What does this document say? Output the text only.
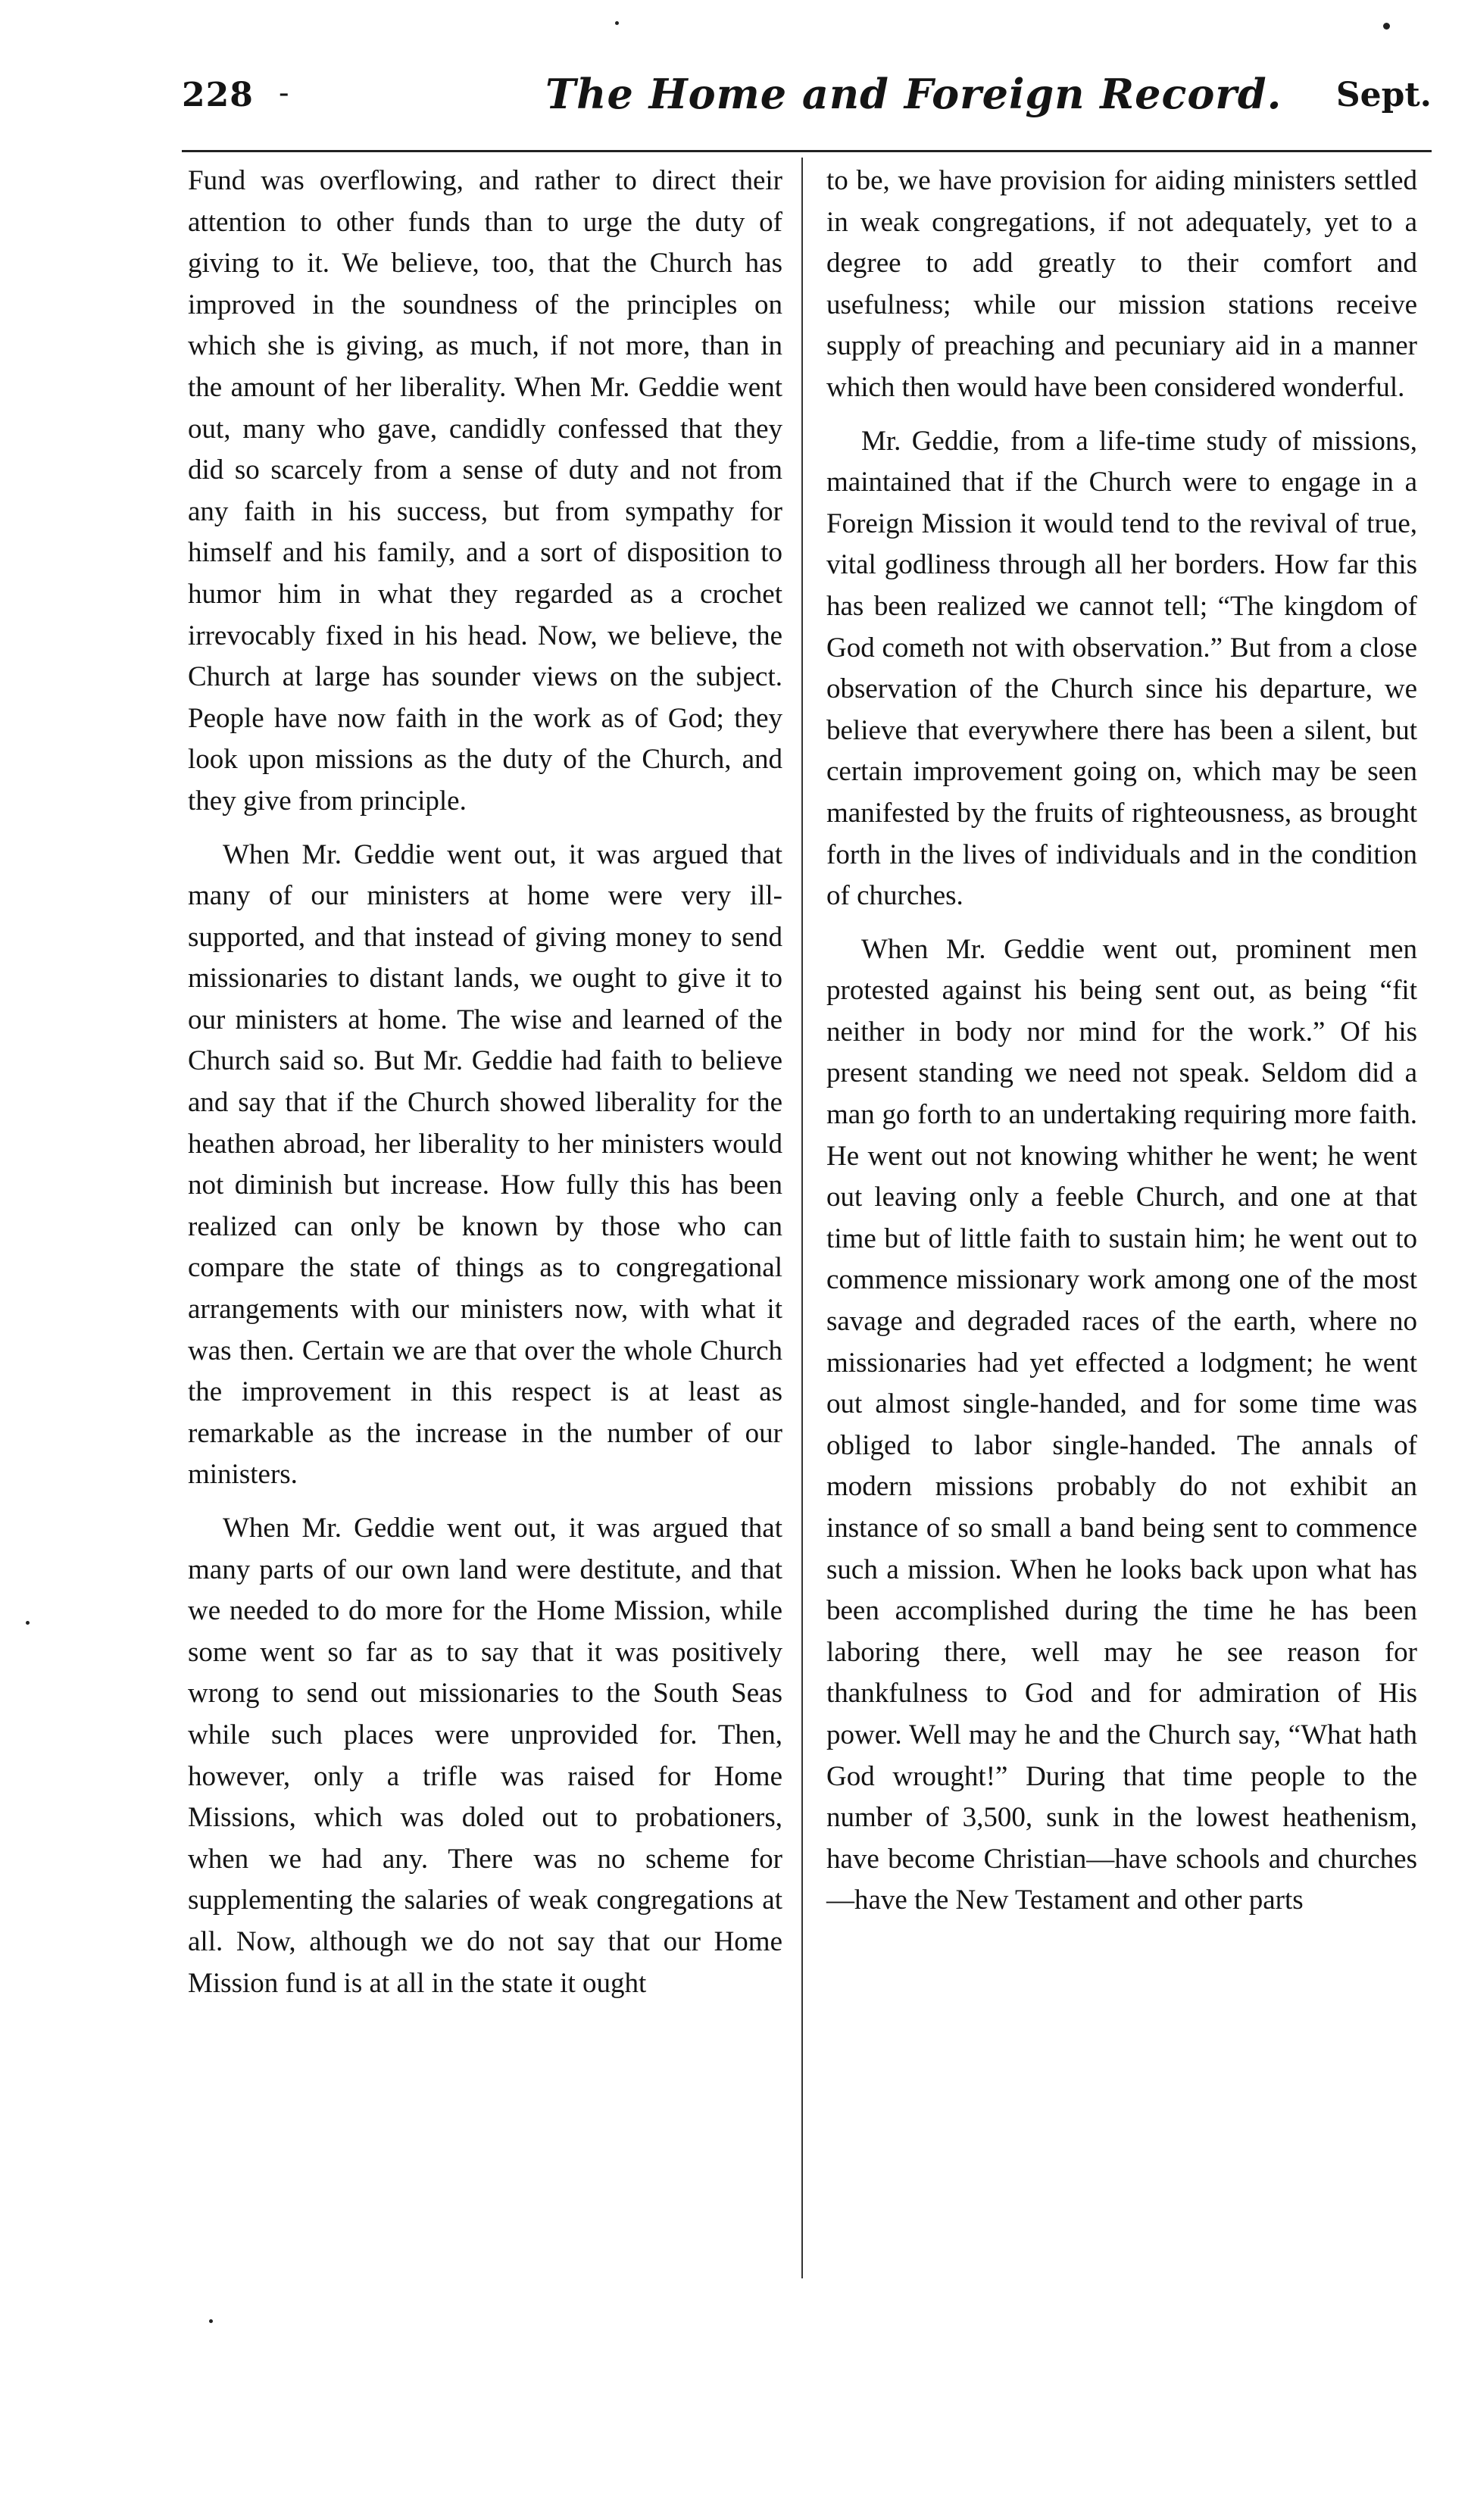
228 -	The Home and Foreign Record. Sept.

Fund was overflowing, and rather to direct their attention to other funds than to urge the duty of giving to it. We believe, too, that the Church has improved in the soundness of the principles on which she is giving, as much, if not more, than in the amount of her liberality. When Mr. Geddie went out, many who gave, candidly confessed that they did so scarcely from a sense of duty and not from any faith in his success, but from sympathy for himself and his family, and a sort of disposition to humor him in what they regarded as a crochet irrevocably fixed in his head. Now, we believe, the Church at large has sounder views on the subject. People have now faith in the work as of God; they look upon missions as the duty of the Church, and they give from principle.

When Mr. Geddie went out, it was argued that many of our ministers at home were very ill-supported, and that instead of giving money to send missionaries to distant lands, we ought to give it to our ministers at home. The wise and learned of the Church said so. But Mr. Geddie had faith to believe and say that if the Church showed liberality for the heathen abroad, her liberality to her ministers would not diminish but increase. How fully this has been realized can only be known by those who can compare the state of things as to congregational arrangements with our ministers now, with what it was then. Certain we are that over the whole Church the improvement in this respect is at least as remarkable as the increase in the number of our ministers.

When Mr. Geddie went out, it was argued that many parts of our own land were destitute, and that we needed to do more for the Home Mission, while some went so far as to say that it was positively wrong to send out missionaries to the South Seas while such places were unprovided for. Then, however, only a trifle was raised for Home Missions, which was doled out to probationers, when we had any. There was no scheme for supplementing the salaries of weak congregations at all. Now, although we do not say that our Home Mission fund is at all in the state it ought

to be, we have provision for aiding ministers settled in weak congregations, if not adequately, yet to a degree to add greatly to their comfort and usefulness; while our mission stations receive supply of preaching and pecuniary aid in a manner which then would have been considered wonderful.

Mr. Geddie, from a life-time study of missions, maintained that if the Church were to engage in a Foreign Mission it would tend to the revival of true, vital godliness through all her borders. How far this has been realized we cannot tell; “The kingdom of God cometh not with observation.” But from a close observation of the Church since his departure, we believe that everywhere there has been a silent, but certain improvement going on, which may be seen manifested by the fruits of righteousness, as brought forth in the lives of individuals and in the condition of churches.

When Mr. Geddie went out, prominent men protested against his being sent out, as being “fit neither in body nor mind for the work.” Of his present standing we need not speak. Seldom did a man go forth to an undertaking requiring more faith. He went out not knowing whither he went; he went out leaving only a feeble Church, and one at that time but of little faith to sustain him; he went out to commence missionary work among one of the most savage and degraded races of the earth, where no missionaries had yet effected a lodgment; he went out almost single-handed, and for some time was obliged to labor single-handed. The annals of modern missions probably do not exhibit an instance of so small a band being sent to commence such a mission. When he looks back upon what has been accomplished during the time he has been laboring there, well may he see reason for thankfulness to God and for admiration of His power. Well may he and the Church say, “What hath God wrought!” During that time people to the number of 3,500, sunk in the lowest heathenism, have become Christian—have schools and churches —have the New Testament and other parts
